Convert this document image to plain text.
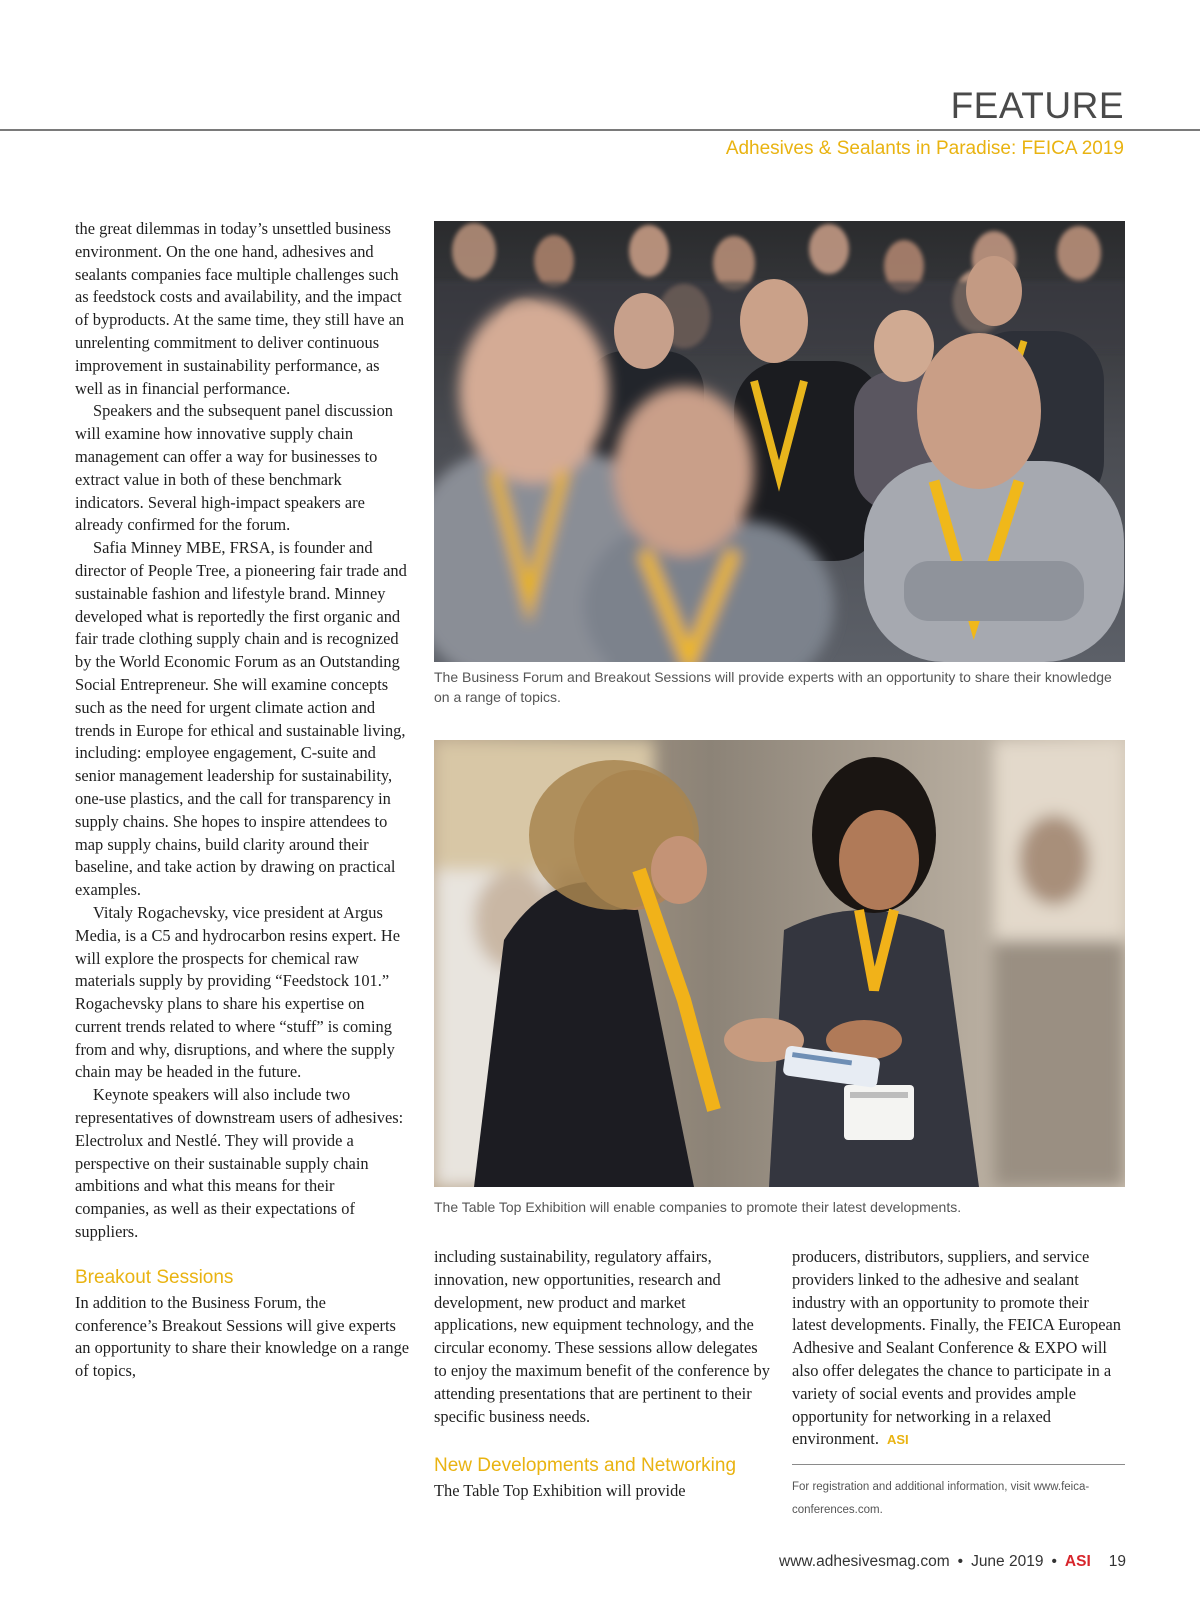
FEATURE
Adhesives & Sealants in Paradise: FEICA 2019

the great dilemmas in today’s unsettled business environment. On the one hand, adhesives and sealants companies face multiple challenges such as feedstock costs and availability, and the impact of byproducts. At the same time, they still have an unrelenting commitment to deliver continuous improvement in sustainability performance, as well as in financial performance.

Speakers and the subsequent panel discussion will examine how innovative supply chain management can offer a way for businesses to extract value in both of these benchmark indicators. Several high-impact speakers are already confirmed for the forum.

Safia Minney MBE, FRSA, is founder and director of People Tree, a pioneering fair trade and sustainable fashion and lifestyle brand. Minney developed what is reportedly the first organic and fair trade clothing supply chain and is recognized by the World Economic Forum as an Outstanding Social Entrepreneur. She will examine concepts such as the need for urgent climate action and trends in Europe for ethical and sustainable living, including: employee engagement, C-suite and senior management leadership for sustainability, one-use plastics, and the call for transparency in supply chains. She hopes to inspire attendees to map supply chains, build clarity around their baseline, and take action by drawing on practical examples.

Vitaly Rogachevsky, vice president at Argus Media, is a C5 and hydrocarbon resins expert. He will explore the prospects for chemical raw materials supply by providing “Feedstock 101.” Rogachevsky plans to share his expertise on current trends related to where “stuff” is coming from and why, disruptions, and where the supply chain may be headed in the future.

Keynote speakers will also include two representatives of downstream users of adhesives: Electrolux and Nestlé. They will provide a perspective on their sustainable supply chain ambitions and what this means for their companies, as well as their expectations of suppliers.

Breakout Sessions

In addition to the Business Forum, the conference’s Breakout Sessions will give experts an opportunity to share their knowledge on a range of topics,

The Business Forum and Breakout Sessions will provide experts with an opportunity to share their knowledge on a range of topics.
The Table Top Exhibition will enable companies to promote their latest developments.

including sustainability, regulatory affairs, innovation, new opportunities, research and development, new product and market applications, new equipment technology, and the circular economy. These sessions allow delegates to enjoy the maximum benefit of the conference by attending presentations that are pertinent to their specific business needs.

New Developments and Networking

The Table Top Exhibition will provide

producers, distributors, suppliers, and service providers linked to the adhesive and sealant industry with an opportunity to promote their latest developments. Finally, the FEICA European Adhesive and Sealant Conference & EXPO will also offer delegates the chance to participate in a variety of social events and provides ample opportunity for networking in a relaxed environment. ASI

For registration and additional information, visit www.feica-conferences.com.
www.adhesivesmag.com • June 2019 • ASI 19
